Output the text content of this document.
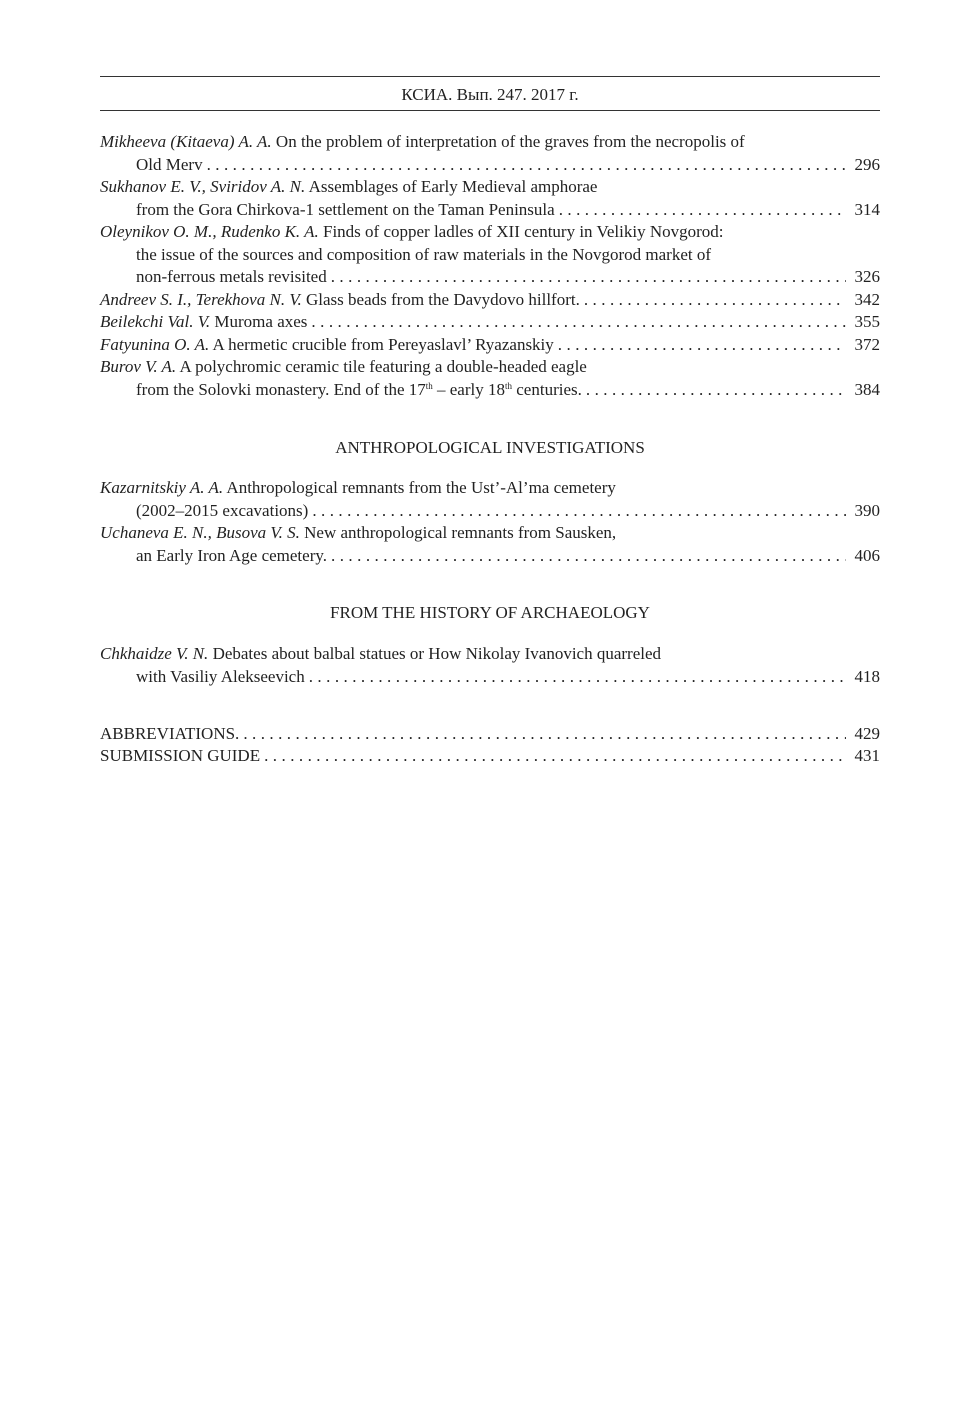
КСИА. Вып. 247. 2017 г.
Mikheeva (Kitaeva) A. A. On the problem of interpretation of the graves from the necropolis of
Old Merv . . .	296
Sukhanov E. V., Sviridov A. N. Assemblages of Early Medieval amphorae
from the Gora Chirkova-1 settlement on the Taman Peninsula . . .	314
Oleynikov O. M., Rudenko K. A. Finds of copper ladles of XII century in Velikiy Novgorod:
the issue of the sources and composition of raw materials in the Novgorod market of
non-ferrous metals revisited . . .	326
Andreev S. I., Terekhova N. V. Glass beads from the Davydovo hillfort. . . .	342
Beilekchi Val. V. Muroma axes . . .	355
Fatyunina O. A. A hermetic crucible from Pereyaslavl’ Ryazanskiy . . .	372
Burov V. A. A polychromic ceramic tile featuring a double-headed eagle
from the Solovki monastery. End of the 17th – early 18th centuries. . . .	384
ANTHROPOLOGICAL INVESTIGATIONS
Kazarnitskiy A. A. Anthropological remnants from the Ust’-Al’ma cemetery
(2002–2015 excavations) . . .	390
Uchaneva E. N., Busova V. S. New anthropological remnants from Sausken,
an Early Iron Age cemetery. . . .	406
FROM THE HISTORY OF ARCHAEOLOGY
Chkhaidze V. N. Debates about balbal statues or How Nikolay Ivanovich quarreled
with Vasiliy Alekseevich . . .	418
ABBREVIATIONS. . . .	429
SUBMISSION GUIDE . . .	431
